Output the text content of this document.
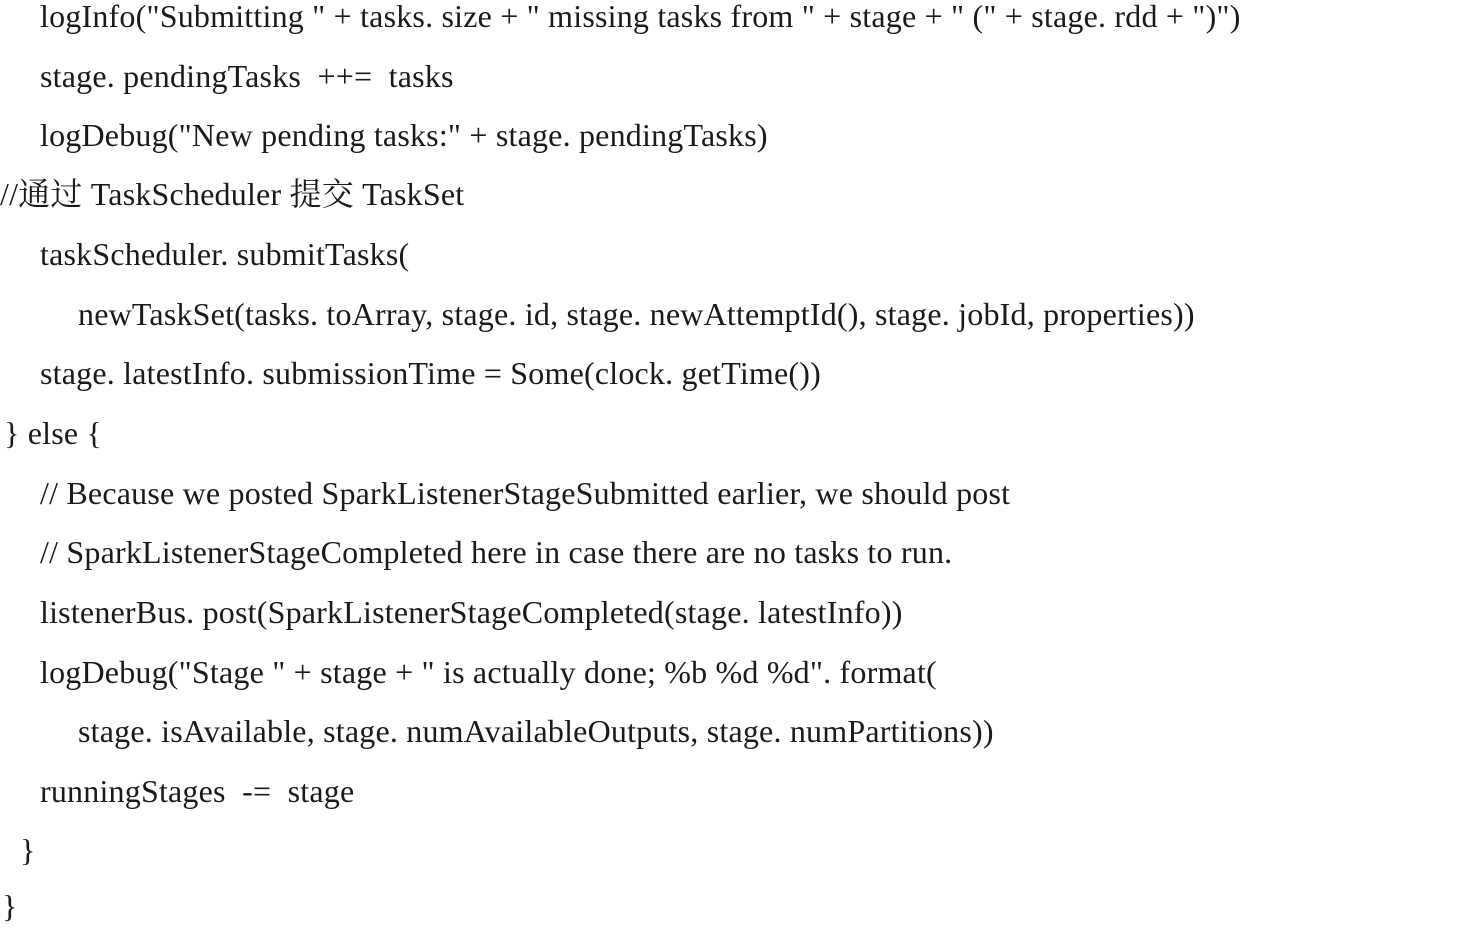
logInfo("Submitting " + tasks. size + " missing tasks from " + stage + " (" + stage. rdd + ")")
stage. pendingTasks  ++=  tasks
logDebug("New pending tasks:" + stage. pendingTasks)
//通过 TaskScheduler 提交 TaskSet
taskScheduler. submitTasks(
newTaskSet(tasks. toArray, stage. id, stage. newAttemptId(), stage. jobId, properties))
stage. latestInfo. submissionTime = Some(clock. getTime())
} else {
// Because we posted SparkListenerStageSubmitted earlier, we should post
// SparkListenerStageCompleted here in case there are no tasks to run.
listenerBus. post(SparkListenerStageCompleted(stage. latestInfo))
logDebug("Stage " + stage + " is actually done; %b %d %d". format(
stage. isAvailable, stage. numAvailableOutputs, stage. numPartitions))
runningStages  -=  stage
}
}
